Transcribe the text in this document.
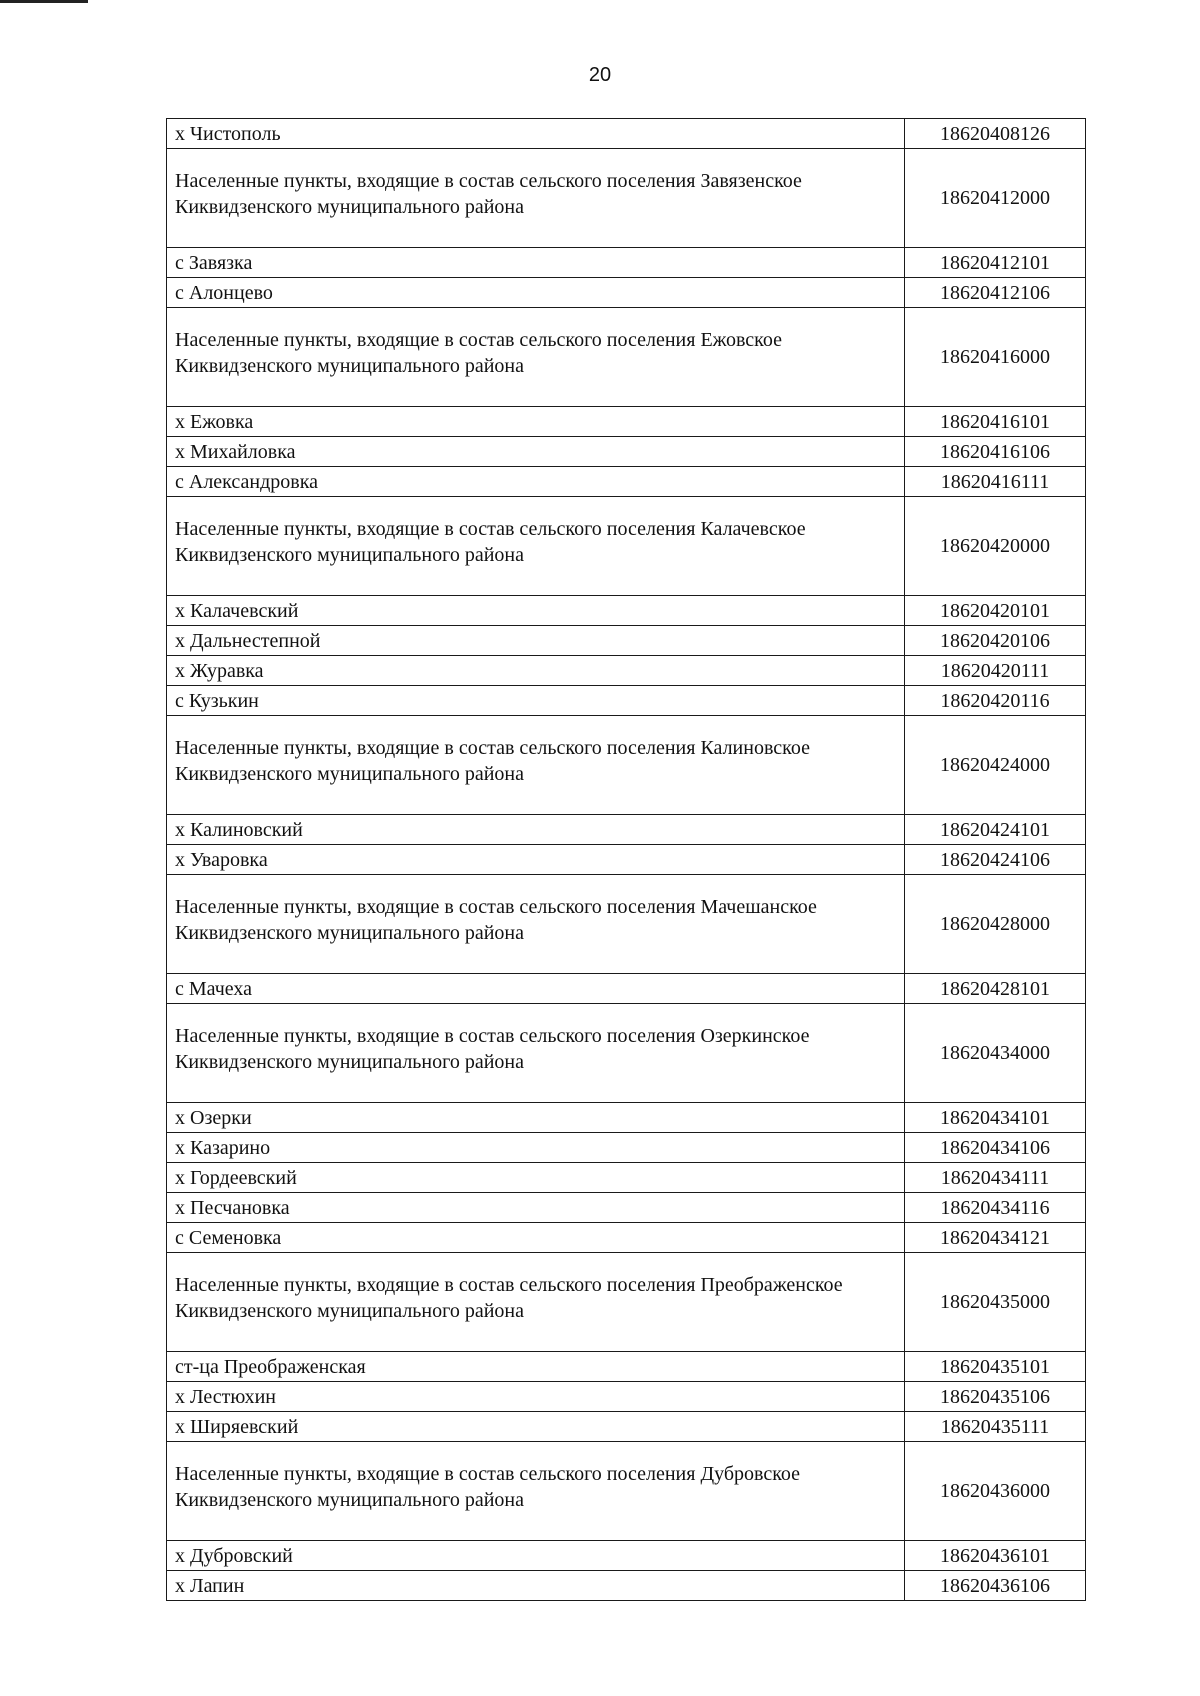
20
х Чистополь	18620408126
Населенные пункты, входящие в состав сельского поселения Завязенское Киквидзенского муниципального района	18620412000
с Завязка	18620412101
с Алонцево	18620412106
Населенные пункты, входящие в состав сельского поселения Ежовское Киквидзенского муниципального района	18620416000
х Ежовка	18620416101
х Михайловка	18620416106
с Александровка	18620416111
Населенные пункты, входящие в состав сельского поселения Калачевское Киквидзенского муниципального района	18620420000
х Калачевский	18620420101
х Дальнестепной	18620420106
х Журавка	18620420111
с Кузькин	18620420116
Населенные пункты, входящие в состав сельского поселения Калиновское Киквидзенского муниципального района	18620424000
х Калиновский	18620424101
х Уваровка	18620424106
Населенные пункты, входящие в состав сельского поселения Мачешанское Киквидзенского муниципального района	18620428000
с Мачеха	18620428101
Населенные пункты, входящие в состав сельского поселения Озеркинское Киквидзенского муниципального района	18620434000
х Озерки	18620434101
х Казарино	18620434106
х Гордеевский	18620434111
х Песчановка	18620434116
с Семеновка	18620434121
Населенные пункты, входящие в состав сельского поселения Преображенское Киквидзенского муниципального района	18620435000
ст-ца Преображенская	18620435101
х Лестюхин	18620435106
х Ширяевский	18620435111
Населенные пункты, входящие в состав сельского поселения Дубровское Киквидзенского муниципального района	18620436000
х Дубровский	18620436101
х Лапин	18620436106
